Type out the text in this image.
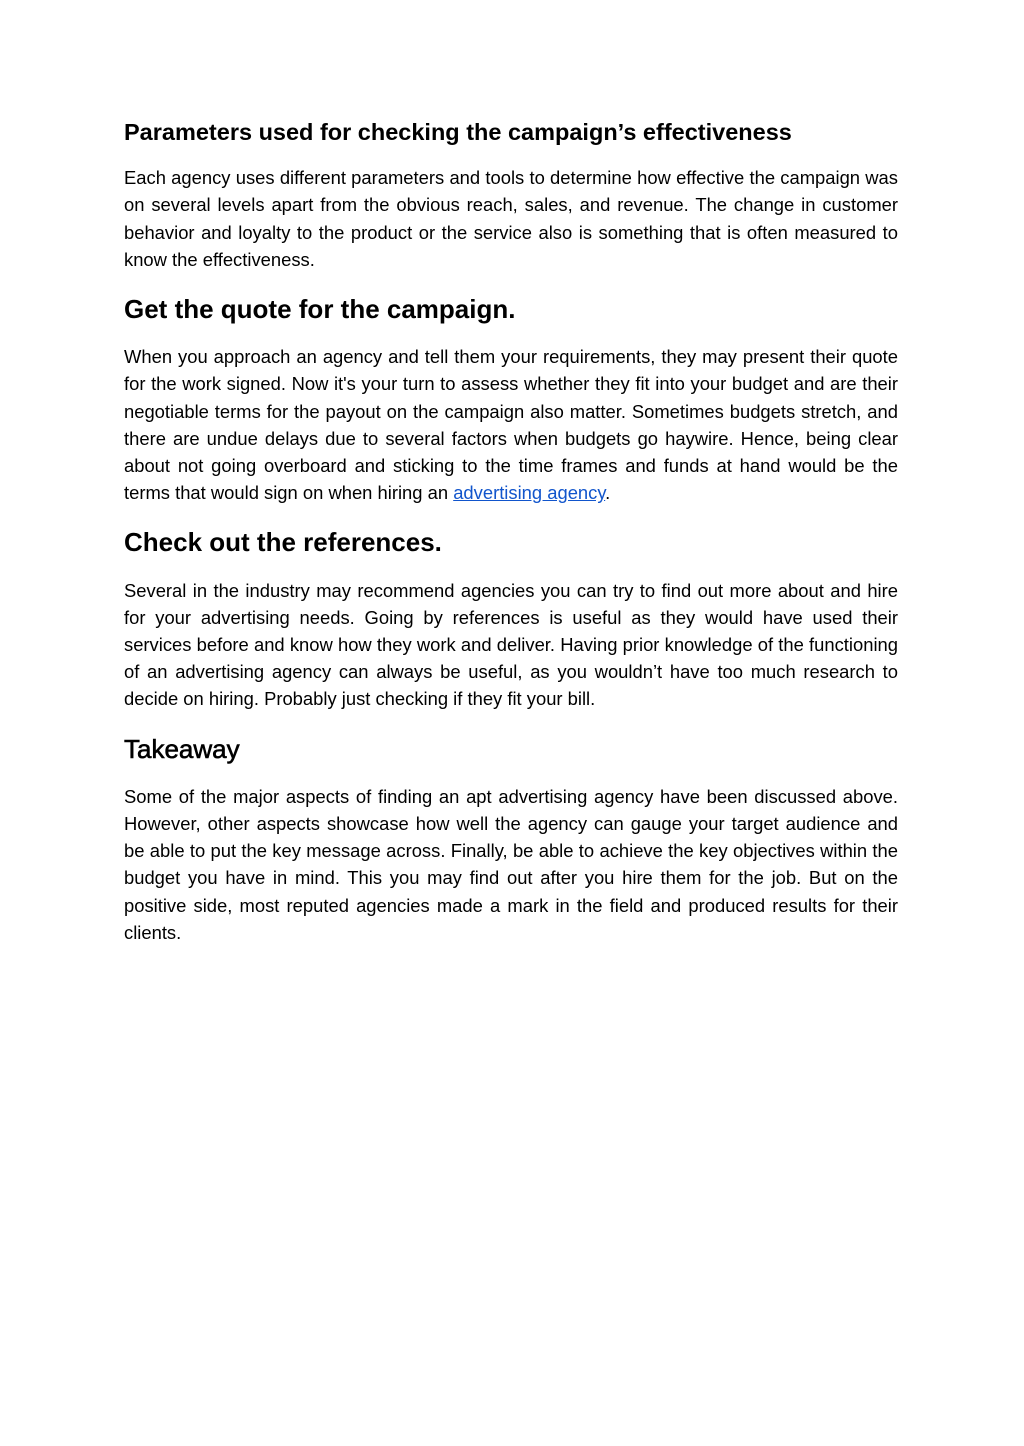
Parameters used for checking the campaign’s effectiveness

Each agency uses different parameters and tools to determine how effective the campaign was on several levels apart from the obvious reach, sales, and revenue. The change in customer behavior and loyalty to the product or the service also is something that is often measured to know the effectiveness.

Get the quote for the campaign.

When you approach an agency and tell them your requirements, they may present their quote for the work signed. Now it's your turn to assess whether they fit into your budget and are their negotiable terms for the payout on the campaign also matter. Sometimes budgets stretch, and there are undue delays due to several factors when budgets go haywire. Hence, being clear about not going overboard and sticking to the time frames and funds at hand would be the terms that would sign on when hiring an advertising agency.

Check out the references.

Several in the industry may recommend agencies you can try to find out more about and hire for your advertising needs. Going by references is useful as they would have used their services before and know how they work and deliver. Having prior knowledge of the functioning of an advertising agency can always be useful, as you wouldn’t have too much research to decide on hiring. Probably just checking if they fit your bill.

Takeaway

Some of the major aspects of finding an apt advertising agency have been discussed above. However, other aspects showcase how well the agency can gauge your target audience and be able to put the key message across. Finally, be able to achieve the key objectives within the budget you have in mind. This you may find out after you hire them for the job. But on the positive side, most reputed agencies made a mark in the field and produced results for their clients.
